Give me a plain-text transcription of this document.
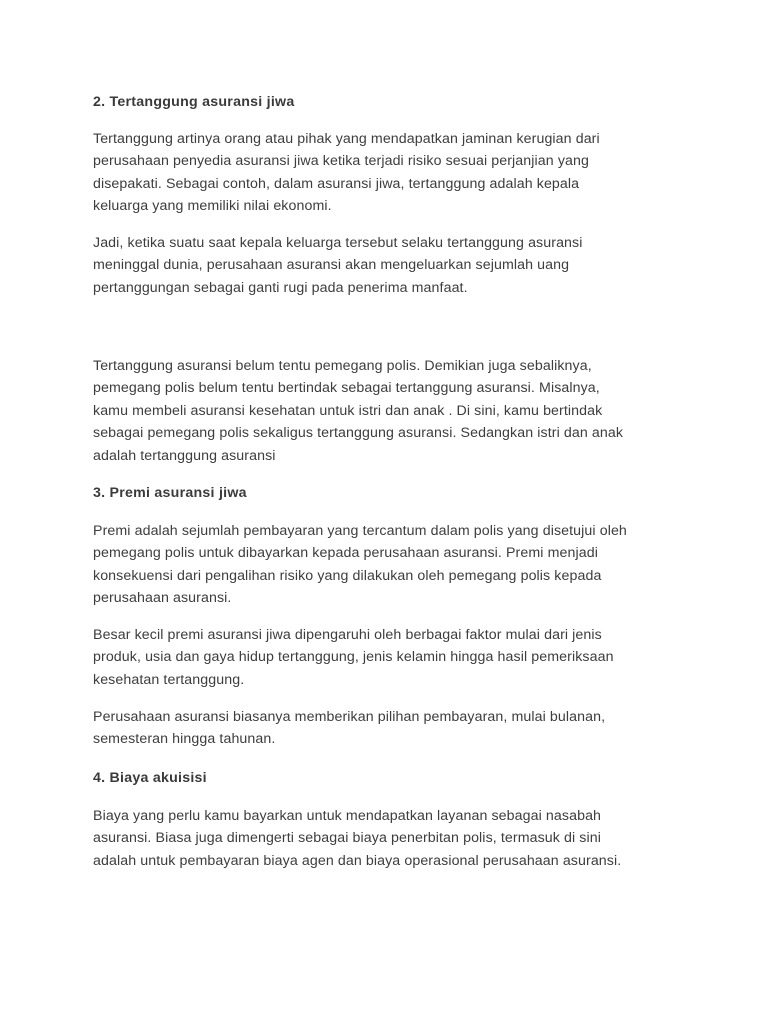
2. Tertanggung asuransi jiwa

Tertanggung artinya orang atau pihak yang mendapatkan jaminan kerugian dari
perusahaan penyedia asuransi jiwa ketika terjadi risiko sesuai perjanjian yang
disepakati. Sebagai contoh, dalam asuransi jiwa, tertanggung adalah kepala
keluarga yang memiliki nilai ekonomi.

Jadi, ketika suatu saat kepala keluarga tersebut selaku tertanggung asuransi
meninggal dunia, perusahaan asuransi akan mengeluarkan sejumlah uang
pertanggungan sebagai ganti rugi pada penerima manfaat.

Tertanggung asuransi belum tentu pemegang polis. Demikian juga sebaliknya,
pemegang polis belum tentu bertindak sebagai tertanggung asuransi. Misalnya,
kamu membeli asuransi kesehatan untuk istri dan anak . Di sini, kamu bertindak
sebagai pemegang polis sekaligus tertanggung asuransi. Sedangkan istri dan anak
adalah tertanggung asuransi

3. Premi asuransi jiwa

Premi adalah sejumlah pembayaran yang tercantum dalam polis yang disetujui oleh
pemegang polis untuk dibayarkan kepada perusahaan asuransi. Premi menjadi
konsekuensi dari pengalihan risiko yang dilakukan oleh pemegang polis kepada
perusahaan asuransi.

Besar kecil premi asuransi jiwa dipengaruhi oleh berbagai faktor mulai dari jenis
produk, usia dan gaya hidup tertanggung, jenis kelamin hingga hasil pemeriksaan
kesehatan tertanggung.

Perusahaan asuransi biasanya memberikan pilihan pembayaran, mulai bulanan,
semesteran hingga tahunan.

4. Biaya akuisisi

Biaya yang perlu kamu bayarkan untuk mendapatkan layanan sebagai nasabah
asuransi. Biasa juga dimengerti sebagai biaya penerbitan polis, termasuk di sini
adalah untuk pembayaran biaya agen dan biaya operasional perusahaan asuransi.
